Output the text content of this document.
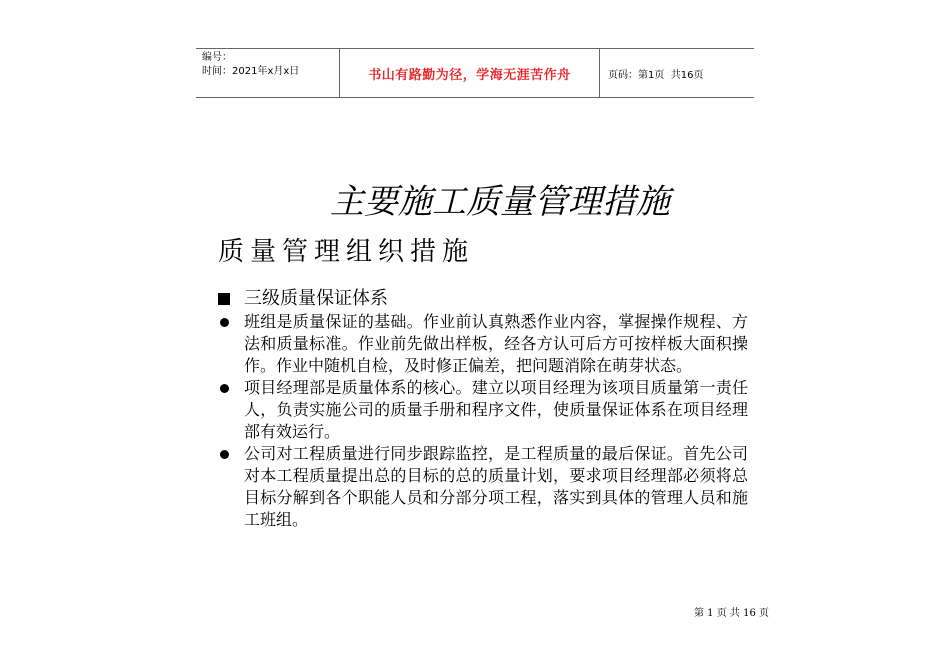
编号：
时间：2021年x月x日	书山有路勤为径，学海无涯苦作舟	页码：第1页  共16页
主要施工质量管理措施
质量管理组织措施
三级质量保证体系
班组是质量保证的基础。作业前认真熟悉作业内容，掌握操作规程、方法和质量标准。作业前先做出样板，经各方认可后方可按样板大面积操作。作业中随机自检，及时修正偏差，把问题消除在萌芽状态。
项目经理部是质量体系的核心。建立以项目经理为该项目质量第一责任人，负责实施公司的质量手册和程序文件，使质量保证体系在项目经理部有效运行。
公司对工程质量进行同步跟踪监控，是工程质量的最后保证。首先公司对本工程质量提出总的目标的总的质量计划，要求项目经理部必须将总目标分解到各个职能人员和分部分项工程，落实到具体的管理人员和施工班组。
第 1 页 共 16 页
